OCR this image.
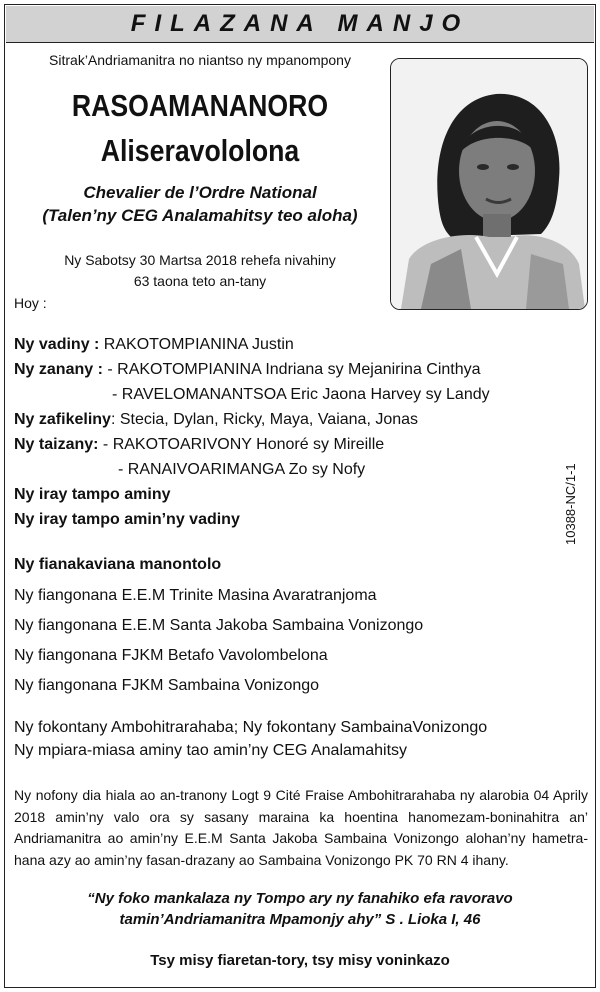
FILAZANA MANJO
Sitrak’Andriamanitra no niantso ny mpanompony
RASOAMANANORO
Aliseravololona
Chevalier de l’Ordre National
(Talen’ny CEG Analamahitsy teo aloha)
Ny Sabotsy 30 Martsa 2018 rehefa nivahiny
63 taona teto an-tany
Hoy :
Ny vadiny : RAKOTOMPIANINA Justin
Ny zanany : - RAKOTOMPIANINA Indriana sy Mejanirina Cinthya
- RAVELOMANANTSOA Eric Jaona Harvey sy Landy
Ny zafikeliny: Stecia, Dylan, Ricky, Maya, Vaiana, Jonas
Ny taizany: - RAKOTOARIVONY Honoré sy Mireille
- RANAIVOARIMANGA Zo sy Nofy
Ny iray tampo aminy
Ny iray tampo amin’ny vadiny	10388-NC/1-1
Ny fianakaviana manontolo
Ny fiangonana E.E.M Trinite Masina Avaratranjoma
Ny fiangonana E.E.M Santa Jakoba Sambaina Vonizongo
Ny fiangonana FJKM Betafo Vavolombelona
Ny fiangonana FJKM Sambaina Vonizongo
Ny fokontany Ambohitrarahaba; Ny fokontany SambainaVonizongo
Ny mpiara-miasa aminy tao amin’ny CEG Analamahitsy
Ny nofony dia hiala ao an-tranony Logt 9 Cité Fraise Ambohitrarahaba ny alarobia 04 Aprily 2018 amin’ny valo ora sy sasany maraina ka hoentina hanomezam-boninahitra an’ Andriamanitra ao amin’ny E.E.M Santa Jakoba Sambaina Vonizongo alohan’ny hametra-hana azy ao amin’ny fasan-drazany ao Sambaina Vonizongo PK 70 RN 4 ihany.
“Ny foko mankalaza ny Tompo ary ny fanahiko efa ravoravo
tamin’Andriamanitra Mpamonjy ahy” S . Lioka I, 46
Tsy misy fiaretan-tory, tsy misy voninkazo
